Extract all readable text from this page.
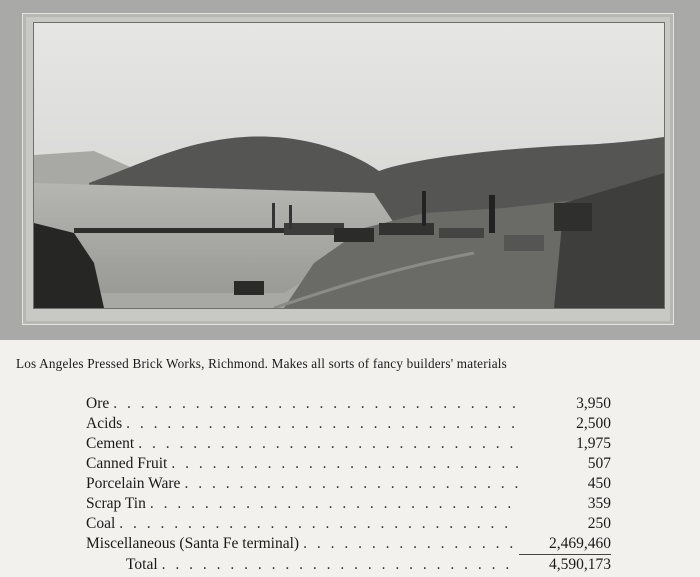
Los Angeles Pressed Brick Works, Richmond. Makes all sorts of fancy builders' materials
Ore . . .	3,950
Acids . . .	2,500
Cement . . .	1,975
Canned Fruit . . .	507
Porcelain Ware . . .	450
Scrap Tin . . .	359
Coal . . .	250
Miscellaneous (Santa Fe terminal) . . .	2,469,460
Total . . .	4,590,173
